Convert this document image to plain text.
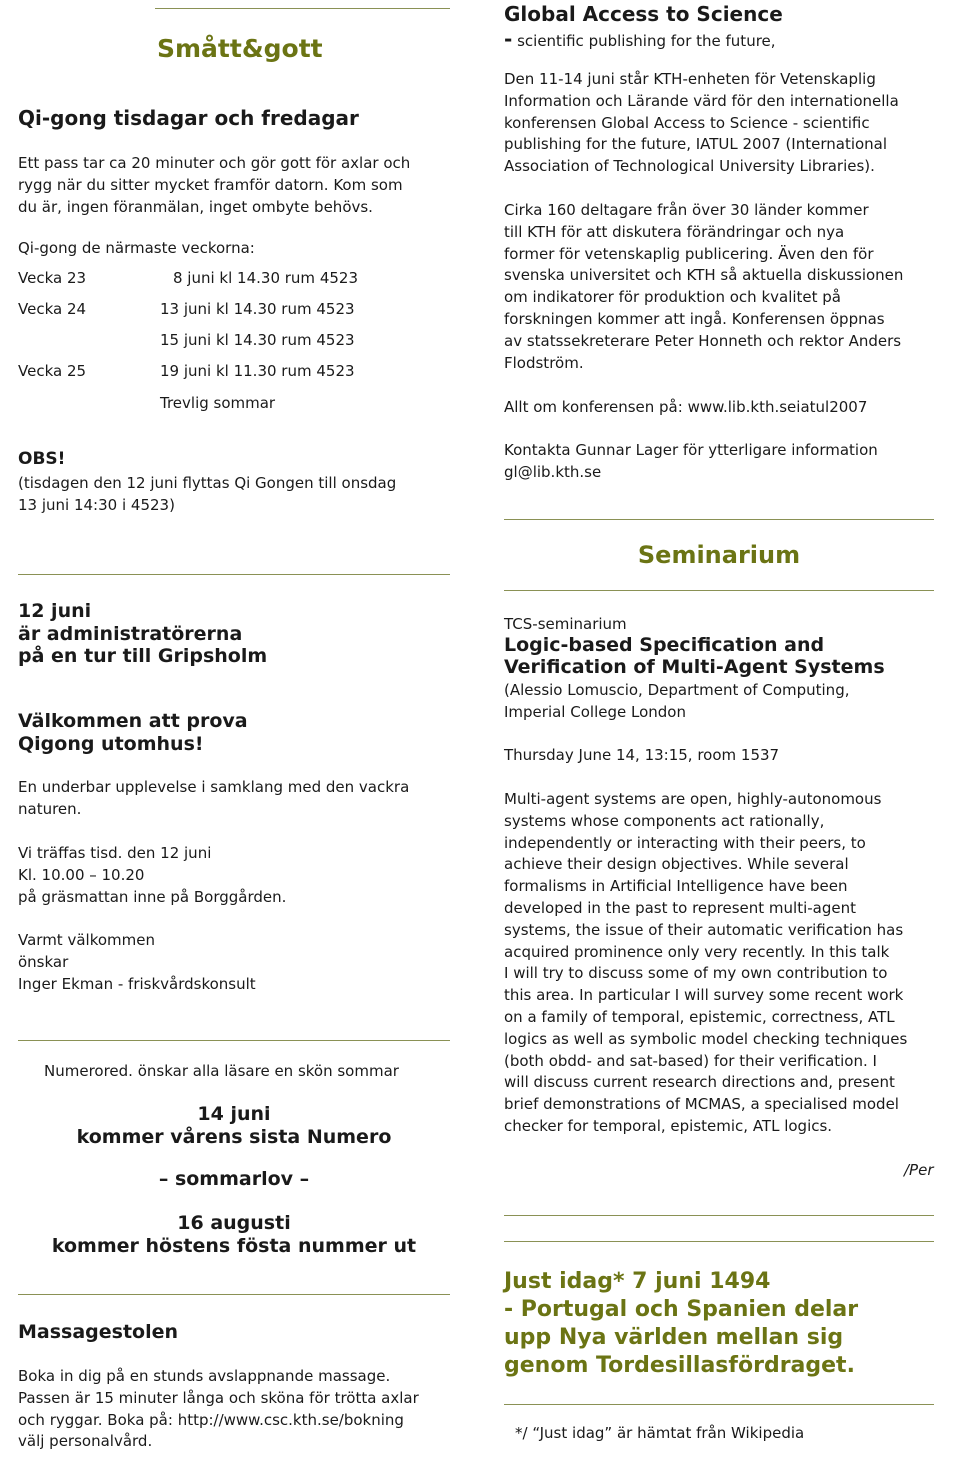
Smått&gott
Qi-gong tisdagar och fredagar
Ett pass tar ca 20 minuter och gör gott för axlar och
rygg när du sitter mycket framför datorn. Kom som
du är, ingen föranmälan, inget ombyte behövs.
Qi-gong de närmaste veckorna:
Vecka 23	8 juni kl 14.30 rum 4523
Vecka 24	13 juni kl 14.30 rum 4523
15 juni kl 14.30 rum 4523
Vecka 25	19 juni kl 11.30 rum 4523
Trevlig sommar
OBS!
(tisdagen den 12 juni flyttas Qi Gongen till onsdag
13 juni 14:30 i 4523)
12 juni
är administratörerna
på en tur till Gripsholm
Välkommen att prova
Qigong utomhus!
En underbar upplevelse i samklang med den vackra
naturen.
Vi träffas tisd. den 12 juni
Kl. 10.00 – 10.20
på gräsmattan inne på Borggården.
Varmt välkommen
önskar
Inger Ekman - friskvårdskonsult
Numerored. önskar alla läsare en skön sommar
14 juni
kommer vårens sista Numero
– sommarlov –
16 augusti
kommer höstens fösta nummer ut
Massagestolen
Boka in dig på en stunds avslappnande massage.
Passen är 15 minuter långa och sköna för trötta axlar
och ryggar. Boka på: http://www.csc.kth.se/bokning
välj personalvård.
Global Access to Science
- scientific publishing for the future,
Den 11-14 juni står KTH-enheten för Vetenskaplig
Information och Lärande värd för den internationella
konferensen Global Access to Science - scientific
publishing for the future, IATUL 2007 (International
Association of Technological University Libraries).
Cirka 160 deltagare från över 30 länder kommer
till KTH för att diskutera förändringar och nya
former för vetenskaplig publicering. Även den för
svenska universitet och KTH så aktuella diskussionen
om indikatorer för produktion och kvalitet på
forskningen kommer att ingå. Konferensen öppnas
av statssekreterare Peter Honneth och rektor Anders
Flodström.
Allt om konferensen på: www.lib.kth.seiatul2007
Kontakta Gunnar Lager för ytterligare information
gl@lib.kth.se
Seminarium
TCS-seminarium
Logic-based Specification and
Verification of Multi-Agent Systems
(Alessio Lomuscio, Department of Computing,
Imperial College London
Thursday June 14, 13:15, room 1537
Multi-agent systems are open, highly-autonomous
systems whose components act rationally,
independently or interacting with their peers, to
achieve their design objectives. While several
formalisms in Artificial Intelligence have been
developed in the past to represent multi-agent
systems, the issue of their automatic verification has
acquired prominence only very recently. In this talk
I will try to discuss some of my own contribution to
this area. In particular I will survey some recent work
on a family of temporal, epistemic, correctness, ATL
logics as well as symbolic model checking techniques
(both obdd- and sat-based) for their verification. I
will discuss current research directions and, present
brief demonstrations of MCMAS, a specialised model
checker for temporal, epistemic, ATL logics.
/Per
Just idag* 7 juni 1494
- Portugal och Spanien delar
upp Nya världen mellan sig
genom Tordesillasfördraget.
*/ “Just idag” är hämtat från Wikipedia
